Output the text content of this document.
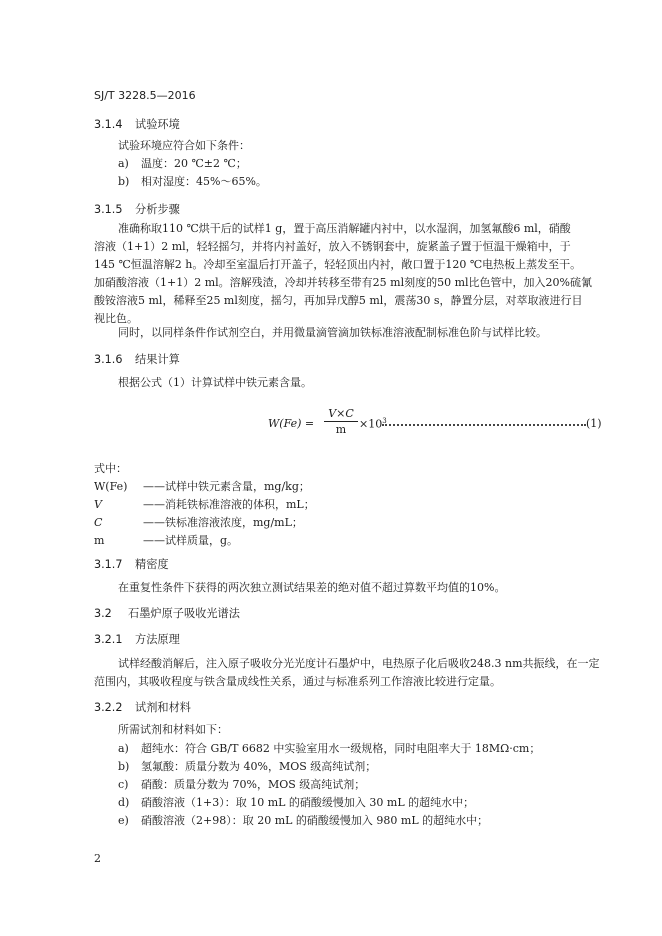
SJ/T 3228.5—2016
3.1.4 试验环境
试验环境应符合如下条件：
a) 温度：20 ℃±2 ℃；
b) 相对湿度：45%～65%。
3.1.5 分析步骤
准确称取110 ℃烘干后的试样1 g，置于高压消解罐内衬中，以水湿润，加氢氟酸6 ml，硝酸
溶液（1+1）2 ml，轻轻摇匀，并将内衬盖好，放入不锈钢套中，旋紧盖子置于恒温干燥箱中，于
145 ℃恒温溶解2 h。冷却至室温后打开盖子，轻轻顶出内衬，敞口置于120 ℃电热板上蒸发至干。
加硝酸溶液（1+1）2 ml。溶解残渣，冷却并转移至带有25 ml刻度的50 ml比色管中，加入20%硫氰
酸铵溶液5 ml，稀释至25 ml刻度，摇匀，再加异戊醇5 ml，震荡30 s，静置分层，对萃取液进行目
视比色。
同时，以同样条件作试剂空白，并用微量滴管滴加铁标准溶液配制标准色阶与试样比较。
3.1.6 结果计算
根据公式（1）计算试样中铁元素含量。
W(Fe) =
V×C
m	$\times 10^3$	(1)
式中：
W(Fe) ——试样中铁元素含量，mg/kg；
V	——消耗铁标准溶液的体积，mL；
C	——铁标准溶液浓度，mg/mL；
m	——试样质量，g。
3.1.7 精密度
在重复性条件下获得的两次独立测试结果差的绝对值不超过算数平均值的10%。
3.2 石墨炉原子吸收光谱法
3.2.1 方法原理
试样经酸消解后，注入原子吸收分光光度计石墨炉中，电热原子化后吸收248.3 nm共振线，在一定
范围内，其吸收程度与铁含量成线性关系，通过与标准系列工作溶液比较进行定量。
3.2.2 试剂和材料
所需试剂和材料如下：
a) 超纯水：符合 GB/T 6682 中实验室用水一级规格，同时电阻率大于 18MΩ·cm；
b) 氢氟酸：质量分数为 40%，MOS 级高纯试剂；
c) 硝酸：质量分数为 70%，MOS 级高纯试剂；
d) 硝酸溶液（1+3）：取 10 mL 的硝酸缓慢加入 30 mL 的超纯水中；
e) 硝酸溶液（2+98）：取 20 mL 的硝酸缓慢加入 980 mL 的超纯水中；
2
